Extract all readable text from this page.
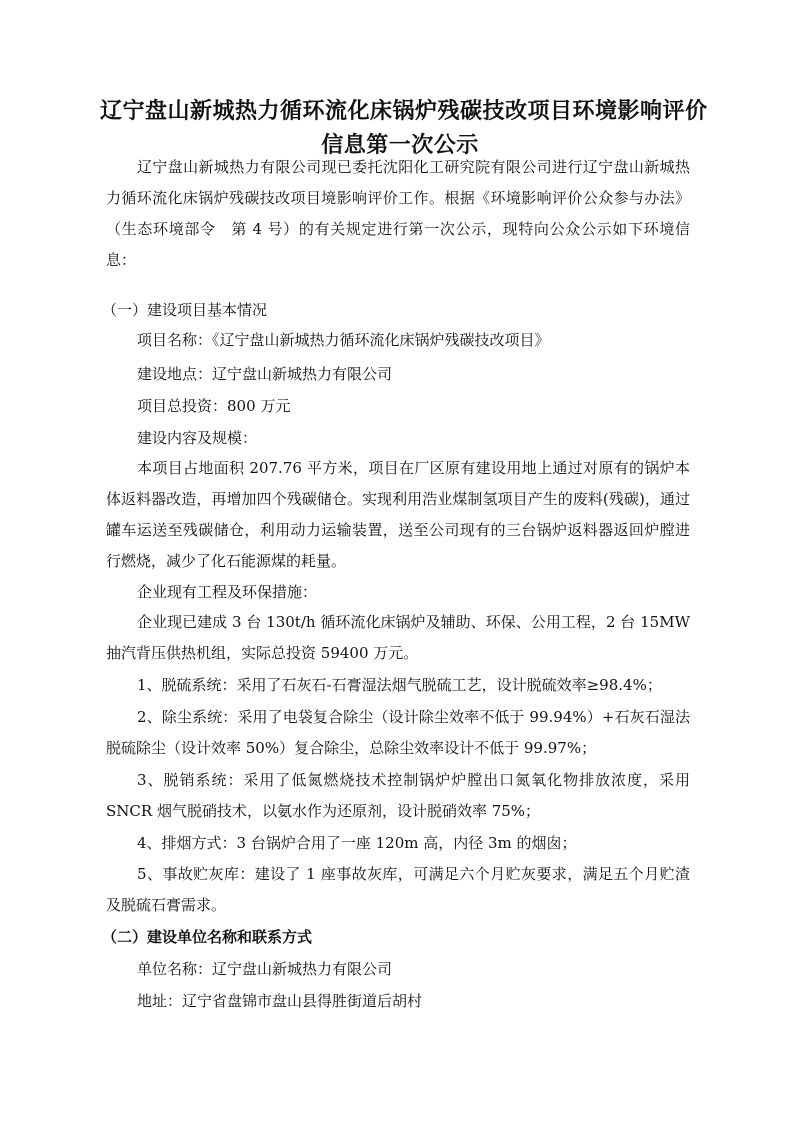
辽宁盘山新城热力循环流化床锅炉残碳技改项目环境影响评价
信息第一次公示

辽宁盘山新城热力有限公司现已委托沈阳化工研究院有限公司进行辽宁盘山新城热力循环流化床锅炉残碳技改项目境影响评价工作。根据《环境影响评价公众参与办法》（生态环境部令　第 4 号）的有关规定进行第一次公示，现特向公众公示如下环境信息：

（一）建设项目基本情况

项目名称：《辽宁盘山新城热力循环流化床锅炉残碳技改项目》

建设地点：辽宁盘山新城热力有限公司

项目总投资：800 万元

建设内容及规模：

本项目占地面积 207.76 平方米，项目在厂区原有建设用地上通过对原有的锅炉本体返料器改造，再增加四个残碳储仓。实现利用浩业煤制氢项目产生的废料(残碳)，通过罐车运送至残碳储仓，利用动力运输装置，送至公司现有的三台锅炉返料器返回炉膛进行燃烧，减少了化石能源煤的耗量。

企业现有工程及环保措施：

企业现已建成 3 台 130t/h 循环流化床锅炉及辅助、环保、公用工程，2 台 15MW 抽汽背压供热机组，实际总投资 59400 万元。

1、脱硫系统：采用了石灰石-石膏湿法烟气脱硫工艺，设计脱硫效率≥98.4%；

2、除尘系统：采用了电袋复合除尘（设计除尘效率不低于 99.94%）+石灰石湿法脱硫除尘（设计效率 50%）复合除尘，总除尘效率设计不低于 99.97%；

3、脱销系统：采用了低氮燃烧技术控制锅炉炉膛出口氮氧化物排放浓度，采用 SNCR 烟气脱硝技术，以氨水作为还原剂，设计脱硝效率 75%；

4、排烟方式：3 台锅炉合用了一座 120m 高，内径 3m 的烟囱；

5、事故贮灰库：建设了 1 座事故灰库，可满足六个月贮灰要求，满足五个月贮渣及脱硫石膏需求。

（二）建设单位名称和联系方式

单位名称：辽宁盘山新城热力有限公司

地址：辽宁省盘锦市盘山县得胜街道后胡村
